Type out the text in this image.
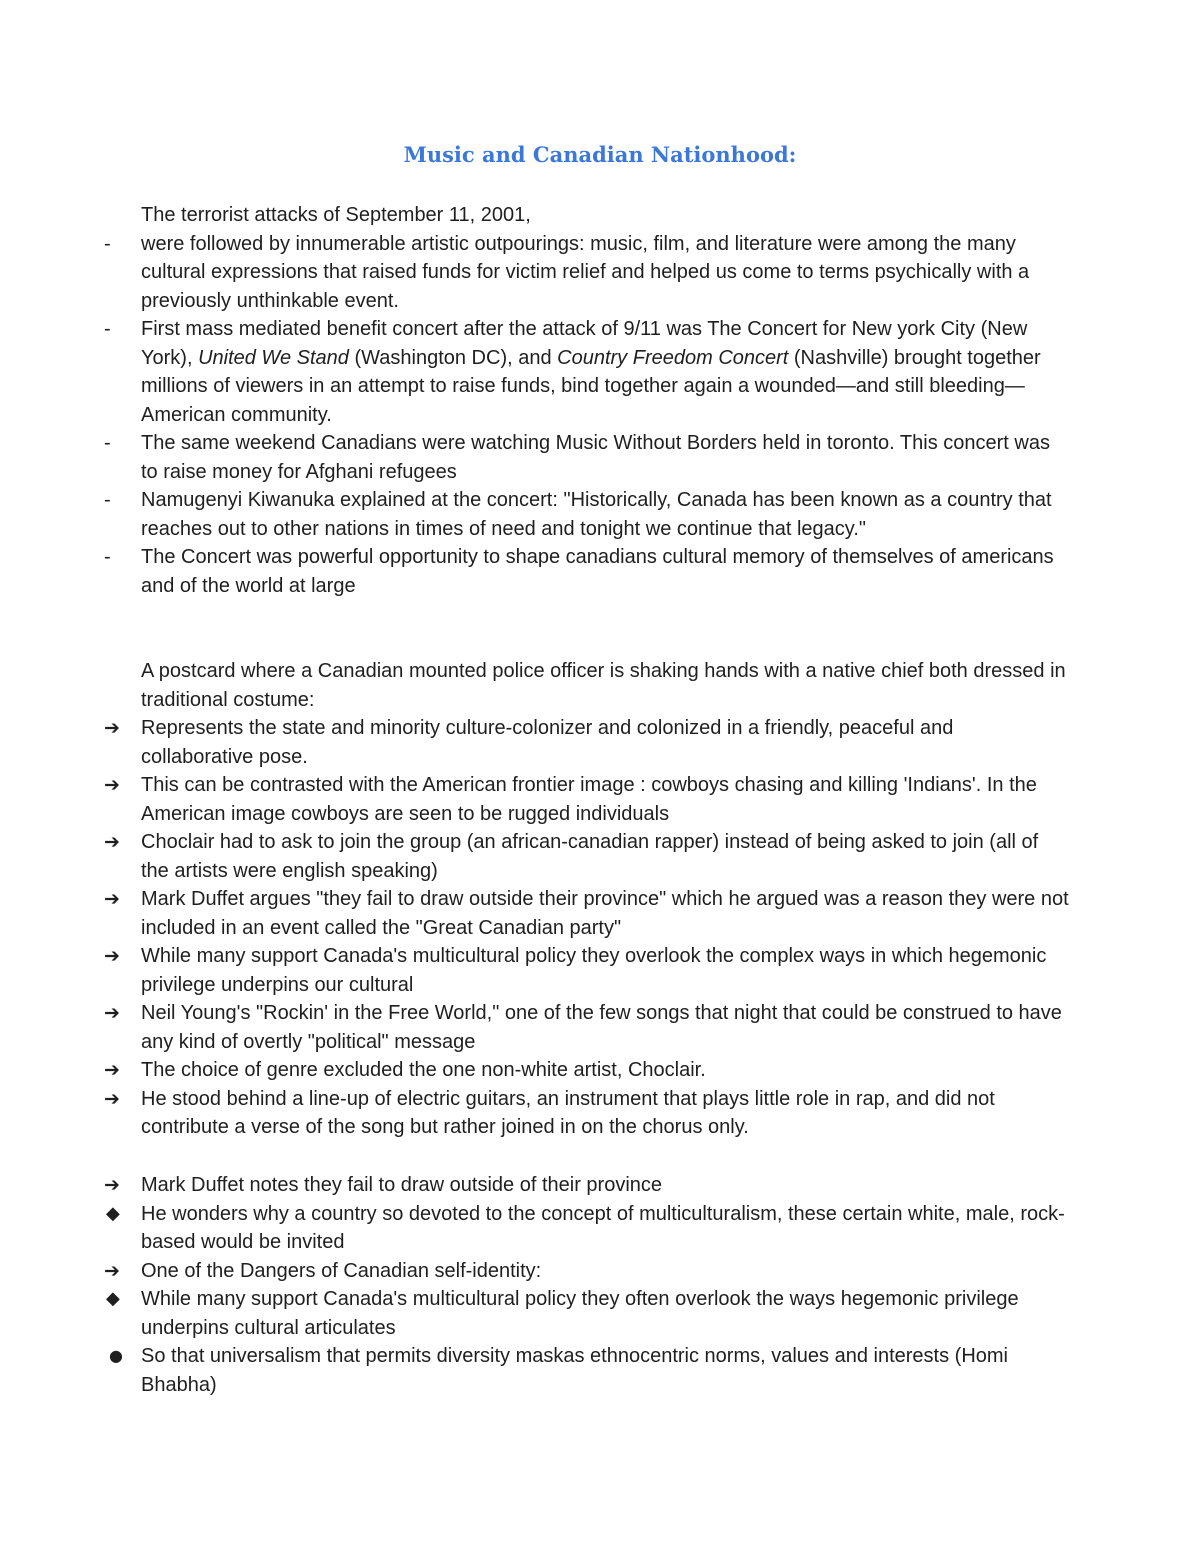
Music and Canadian Nationhood:
The terrorist attacks of September 11, 2001,
-	were followed by innumerable artistic outpourings: music, film, and literature were among the many cultural expressions that raised funds for victim relief and helped us come to terms psychically with a previously unthinkable event.
-	First mass mediated benefit concert after the attack of 9/11 was The Concert for New york City (New York), United We Stand (Washington DC), and Country Freedom Concert (Nashville) brought together millions of viewers in an attempt to raise funds, bind together again a wounded—and still bleeding—American community.
-	The same weekend Canadians were watching Music Without Borders held in toronto. This concert was to raise money for Afghani refugees
-	Namugenyi Kiwanuka explained at the concert: "Historically, Canada has been known as a country that reaches out to other nations in times of need and tonight we continue that legacy."
-	The Concert was powerful opportunity to shape canadians cultural memory of themselves of americans and of the world at large
A postcard where a Canadian mounted police officer is shaking hands with a native chief both dressed in traditional costume:
➔	Represents the state and minority culture-colonizer and colonized in a friendly, peaceful and collaborative pose.
➔	This can be contrasted with the American frontier image : cowboys chasing and killing 'Indians'. In the American image cowboys are seen to be rugged individuals
➔	Choclair had to ask to join the group (an african-canadian rapper) instead of being asked to join (all of the artists were english speaking)
➔	Mark Duffet argues "they fail to draw outside their province" which he argued was a reason they were not included in an event called the "Great Canadian party"
➔	While many support Canada's multicultural policy they overlook the complex ways in which hegemonic privilege underpins our cultural
➔	Neil Young's "Rockin' in the Free World," one of the few songs that night that could be construed to have any kind of overtly "political" message
➔	The choice of genre excluded the one non-white artist, Choclair.
➔	He stood behind a line-up of electric guitars, an instrument that plays little role in rap, and did not contribute a verse of the song but rather joined in on the chorus only.
➔	Mark Duffet notes they fail to draw outside of their province
◆	He wonders why a country so devoted to the concept of multiculturalism, these certain white, male, rock-based would be invited
➔	One of the Dangers of Canadian self-identity:
◆	While many support Canada's multicultural policy they often overlook the ways hegemonic privilege underpins cultural articulates
● So that universalism that permits diversity maskas ethnocentric norms, values and interests (Homi Bhabha)
